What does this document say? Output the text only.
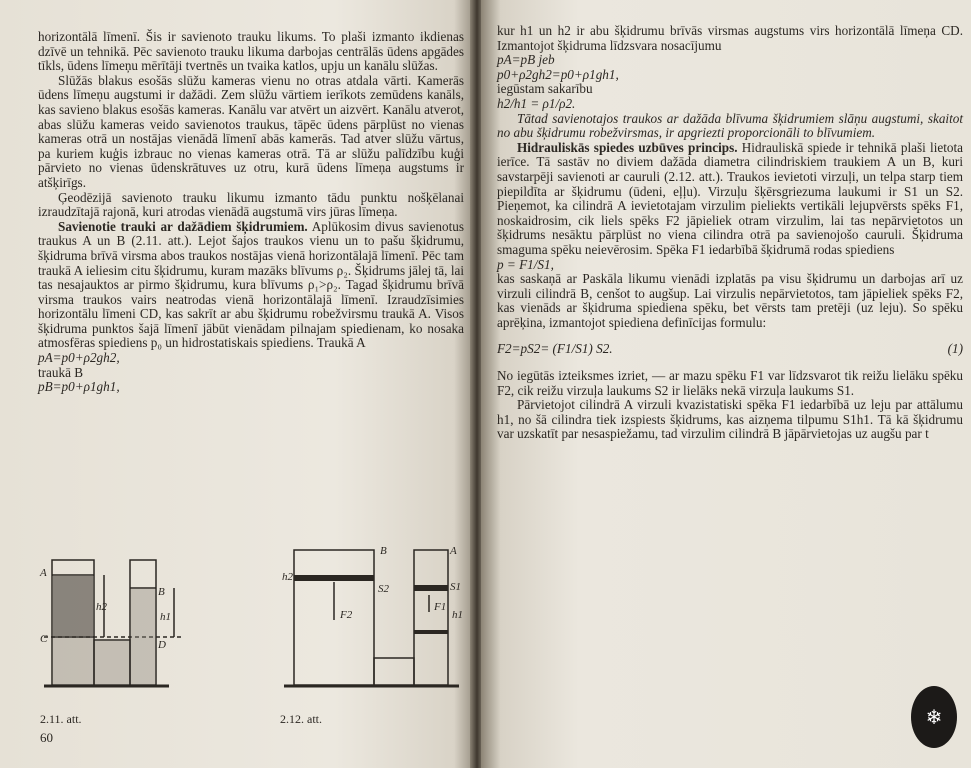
horizontālā līmenī. Šis ir savienoto trauku likums. To plaši izmanto ikdienas dzīvē un tehnikā. Pēc savienoto trauku likuma darbojas centrālās ūdens apgādes tīkls, ūdens līmeņu mērītāji tvertnēs un tvaika katlos, upju un kanālu slūžas.

Slūžās blakus esošās slūžu kameras vienu no otras atdala vārti. Kamerās ūdens līmeņu augstumi ir dažādi. Zem slūžu vārtiem ierīkots zemūdens kanāls, kas savieno blakus esošās kameras. Kanālu var atvērt un aizvērt. Kanālu atverot, abas slūžu kameras veido savienotos traukus, tāpēc ūdens pārplūst no vienas kameras otrā un nostājas vienādā līmenī abās kamerās. Tad atver slūžu vārtus, pa kuriem kuģis izbrauc no vienas kameras otrā. Tā ar slūžu palīdzību kuģi pārvieto no vienas ūdenskrātuves uz otru, kurā ūdens līmeņa augstums ir atšķirīgs.

Ģeodēzijā savienoto trauku likumu izmanto tādu punktu nošķēlanai izraudzītajā rajonā, kuri atrodas vienādā augstumā virs jūras līmeņa.

Savienotie trauki ar dažādiem šķidrumiem. Aplūkosim divus savienotus traukus A un B (2.11. att.). Lejot šajos traukos vienu un to pašu šķidrumu, šķidruma brīvā virsma abos traukos nostājas vienā horizontālajā līmenī. Pēc tam traukā A ieliesim citu šķidrumu, kuram mazāks blīvums ρ₂. Šķidrums jālej tā, lai tas nesajauktos ar pirmo šķidrumu, kura blīvums ρ₁>ρ₂. Tagad šķidrumu brīvā virsma traukos vairs neatrodas vienā horizontālajā līmenī. Izraudzīsimies horizontālu līmeni CD, kas sakrīt ar abu šķidrumu robežvirsmu traukā A. Visos šķidruma punktos šajā līmenī jābūt vienādam pilnajam spiedienam, ko nosaka atmosfēras spiediens p₀ un hidrostatiskais spiediens. Traukā A

pA=p0+ρ2gh2,

traukā B

pB=p0+ρ1gh1,

A
C
B
D
h2
h1
B	A
S2	S1
F2
F1
h2
h1
2.11. att.	2.12. att.
60

kur h1 un h2 ir abu šķidrumu brīvās virsmas augstums virs horizontālā līmeņa CD. Izmantojot šķidruma līdzsvara nosacījumu

pA=pB jeb

p0+ρ2gh2=p0+ρ1gh1,

iegūstam sakarību

h2/h1 = ρ1/ρ2.

Tātad savienotajos traukos ar dažāda blīvuma šķidrumiem slāņu augstumi, skaitot no abu šķidrumu robežvirsmas, ir apgriezti proporcionāli to blīvumiem.

Hidrauliskās spiedes uzbūves princips. Hidrauliskā spiede ir tehnikā plaši lietota ierīce. Tā sastāv no diviem dažāda diametra cilindriskiem traukiem A un B, kuri savstarpēji savienoti ar cauruli (2.12. att.). Traukos ievietoti virzuļi, un telpa starp tiem piepildīta ar šķidrumu (ūdeni, eļļu). Virzuļu šķērsgriezuma laukumi ir S1 un S2. Pieņemot, ka cilindrā A ievietotajam virzulim pieliekts vertikāli lejupvērsts spēks F1, noskaidrosim, cik liels spēks F2 jāpieliek otram virzulim, lai tas nepārvietotos un šķidrums nesāktu pārplūst no viena cilindra otrā pa savienojošo cauruli. Šķidruma smaguma spēku neievērosim. Spēka F1 iedarbībā šķidrumā rodas spiediens

p = F1/S1,

kas saskaņā ar Paskāla likumu vienādi izplatās pa visu šķidrumu un darbojas arī uz virzuli cilindrā B, cenšot to augšup. Lai virzulis nepārvietotos, tam jāpieliek spēks F2, kas vienāds ar šķidruma spiediena spēku, bet vērsts tam pretēji (uz leju). So spēku aprēķina, izmantojot spiediena definīcijas formulu:

F2=pS2= (F1/S1) S2.	(1)

No iegūtās izteiksmes izriet, — ar mazu spēku F1 var līdzsvarot tik reižu lielāku spēku F2, cik reižu virzuļa laukums S2 ir lielāks nekā virzuļa laukums S1.

Pārvietojot cilindrā A virzuli kvazistatiski spēka F1 iedarbībā uz leju par attālumu h1, no šā cilindra tiek izspiests šķidrums, kas aizņema tilpumu S1h1. Tā kā šķidrumu var uzskatīt par nesaspiežamu, tad virzulim cilindrā B jāpārvietojas uz augšu par t

❄
